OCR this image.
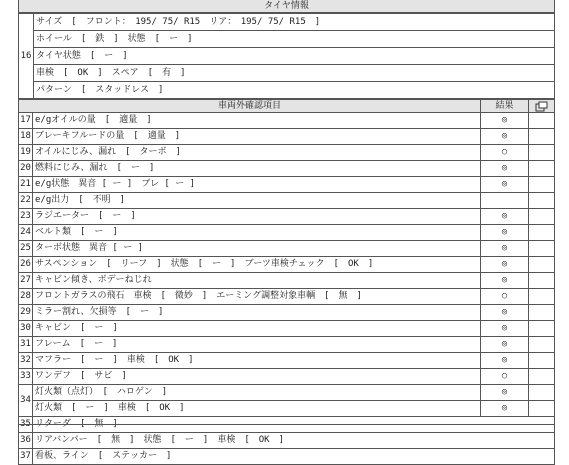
タイヤ情報
16	サイズ　[　フロント：　195/ 75/ R15　リア：　195/ 75/ R15　]
ホイール　[　鉄　]　状態　[　ー　]
タイヤ状態　[　ー　]
車検　[　OK　]　スペア　[　有　]
パターン　[　スタッドレス　]
車両外確認項目		結果	

17	e/gオイルの量　[　適量　]	◎	
18	ブレーキフルードの量　[　適量　]	◎	
19	オイルにじみ、漏れ　[　ターボ　]	○	
20	燃料にじみ、漏れ　[　ー　]	◎	
21	e/g状態　異音 [ ー ]　ブレ [ ー ]	◎	
22	e/g出力　[　不明　]		
23	ラジエーター　[　ー　]	◎	
24	ベルト類　[　ー　]	◎	
25	ターボ状態　異音 [ ー ]	◎	
26	サスペンション　[　リーフ　]　状態　[　ー　]　ブーツ車検チェック　[　OK　]	◎	
27	キャビン傾き、ボデーねじれ	◎	
28	フロントガラスの飛石　車検　[　微妙　]　エーミング調整対象車輌　[　無　]	○	
29	ミラー割れ、欠損等　[　ー　]	◎	
30	キャビン　[　ー　]	◎	
31	フレーム　[　ー　]	◎	
32	マフラー　[　ー　]　車検　[　OK　]	◎	
33	ワンデフ　[　サビ　]	○	
34	灯火類（点灯）　[　ハロゲン　]	◎	
	灯火類　[　ー　]　車検　[　OK　]	◎	
35	リターダ　[　無　]		
36	リアバンパー　[　無　]　状態　[　ー　]　車検　[　OK　]		
37	看板、ライン　[　ステッカー　]		
